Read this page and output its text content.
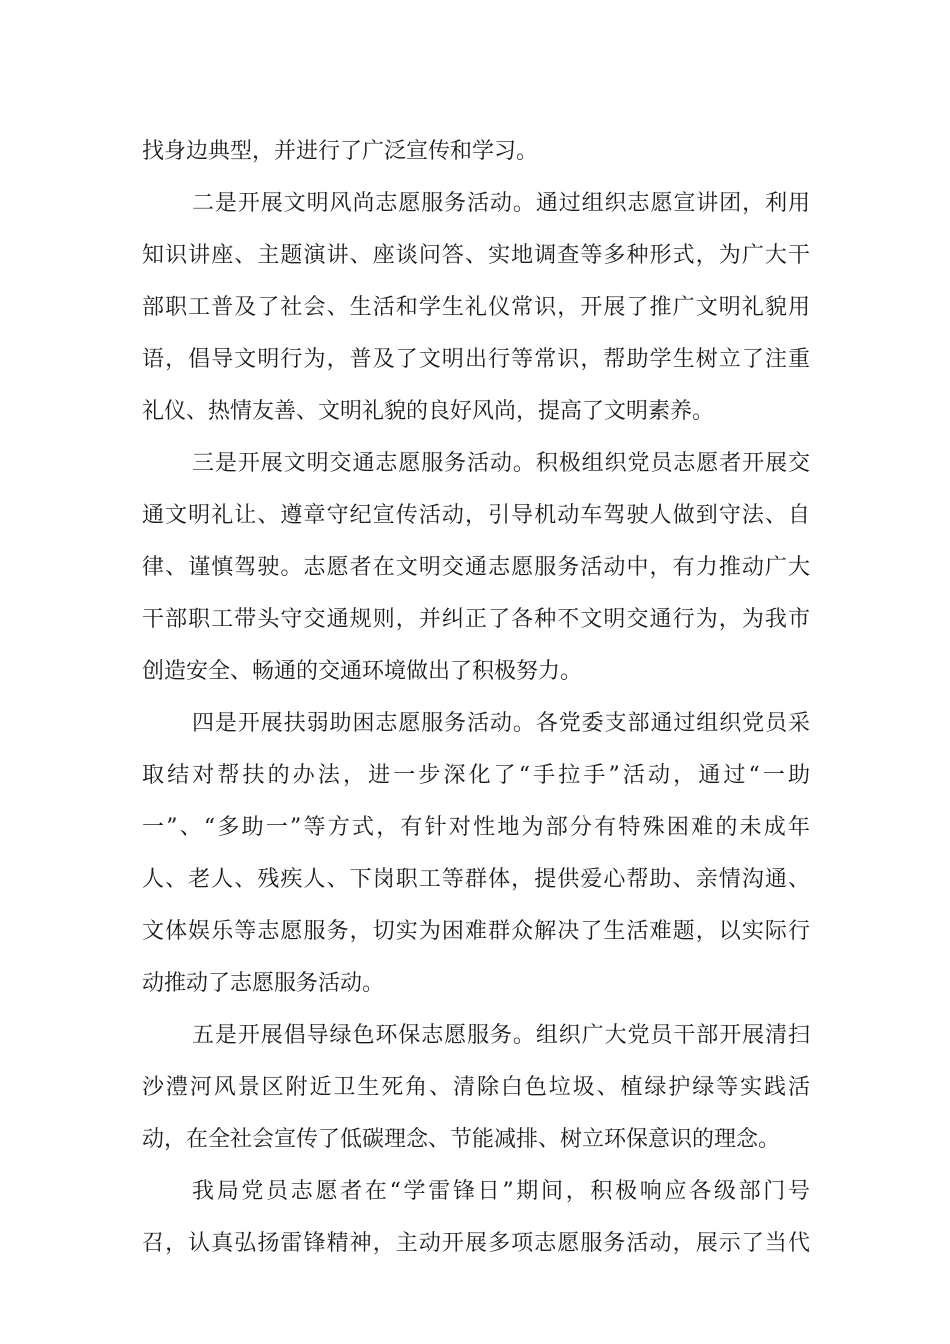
找身边典型，并进行了广泛宣传和学习。
二是开展文明风尚志愿服务活动。通过组织志愿宣讲团，利用
知识讲座、主题演讲、座谈问答、实地调查等多种形式，为广大干
部职工普及了社会、生活和学生礼仪常识，开展了推广文明礼貌用
语，倡导文明行为，普及了文明出行等常识，帮助学生树立了注重
礼仪、热情友善、文明礼貌的良好风尚，提高了文明素养。
三是开展文明交通志愿服务活动。积极组织党员志愿者开展交
通文明礼让、遵章守纪宣传活动，引导机动车驾驶人做到守法、自
律、谨慎驾驶。志愿者在文明交通志愿服务活动中，有力推动广大
干部职工带头守交通规则，并纠正了各种不文明交通行为，为我市
创造安全、畅通的交通环境做出了积极努力。
四是开展扶弱助困志愿服务活动。各党委支部通过组织党员采
取结对帮扶的办法，进一步深化了“手拉手”活动，通过“一助
一”、“多助一”等方式，有针对性地为部分有特殊困难的未成年
人、老人、残疾人、下岗职工等群体，提供爱心帮助、亲情沟通、
文体娱乐等志愿服务，切实为困难群众解决了生活难题，以实际行
动推动了志愿服务活动。
五是开展倡导绿色环保志愿服务。组织广大党员干部开展清扫
沙澧河风景区附近卫生死角、清除白色垃圾、植绿护绿等实践活
动，在全社会宣传了低碳理念、节能减排、树立环保意识的理念。
我局党员志愿者在“学雷锋日”期间，积极响应各级部门号
召，认真弘扬雷锋精神，主动开展多项志愿服务活动，展示了当代
